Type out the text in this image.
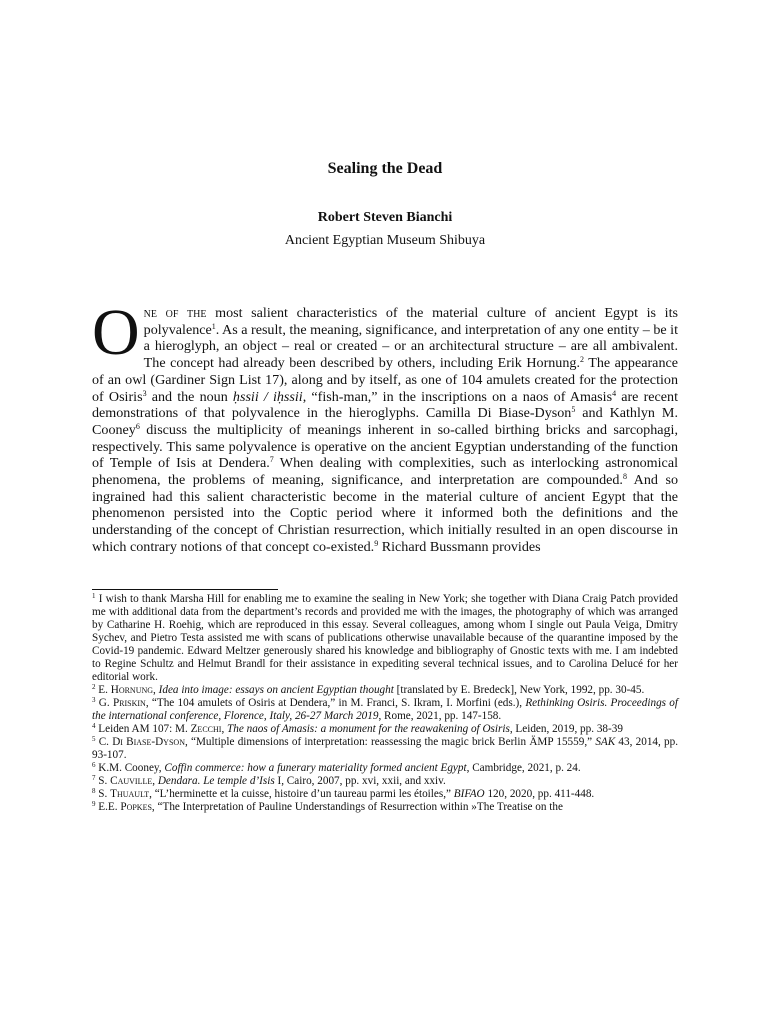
Sealing the Dead
Robert Steven Bianchi
Ancient Egyptian Museum Shibuya
One of the most salient characteristics of the material culture of ancient Egypt is its polyvalence$^1$. As a result, the meaning, significance, and interpretation of any one entity – be it a hieroglyph, an object – real or created – or an architectural structure – are all ambivalent. The concept had already been described by others, including Erik Hornung.$^2$ The appearance of an owl (Gardiner Sign List 17), along and by itself, as one of 104 amulets created for the protection of Osiris$^3$ and the noun ḥssii / iḥssii, “fish-man,” in the inscriptions on a naos of Amasis$^4$ are recent demonstrations of that polyvalence in the hieroglyphs. Camilla Di Biase-Dyson$^5$ and Kathlyn M. Cooney$^6$ discuss the multiplicity of meanings inherent in so-called birthing bricks and sarcophagi, respectively. This same polyvalence is operative on the ancient Egyptian understanding of the function of Temple of Isis at Dendera.$^7$ When dealing with complexities, such as interlocking astronomical phenomena, the problems of meaning, significance, and interpretation are compounded.$^8$ And so ingrained had this salient characteristic become in the material culture of ancient Egypt that the phenomenon persisted into the Coptic period where it informed both the definitions and the understanding of the concept of Christian resurrection, which initially resulted in an open discourse in which contrary notions of that concept co-existed.$^9$ Richard Bussmann provides

$^1$ I wish to thank Marsha Hill for enabling me to examine the sealing in New York; she together with Diana Craig Patch provided me with additional data from the department’s records and provided me with the images, the photography of which was arranged by Catharine H. Roehig, which are reproduced in this essay. Several colleagues, among whom I single out Paula Veiga, Dmitry Sychev, and Pietro Testa assisted me with scans of publications otherwise unavailable because of the quarantine imposed by the Covid-19 pandemic. Edward Meltzer generously shared his knowledge and bibliography of Gnostic texts with me. I am indebted to Regine Schultz and Helmut Brandl for their assistance in expediting several technical issues, and to Carolina Delucé for her editorial work.

$^2$ E. Hornung, Idea into image: essays on ancient Egyptian thought [translated by E. Bredeck], New York, 1992, pp. 30-45.

$^3$ G. Priskin, “The 104 amulets of Osiris at Dendera,” in M. Franci, S. Ikram, I. Morfini (eds.), Rethinking Osiris. Proceedings of the international conference, Florence, Italy, 26-27 March 2019, Rome, 2021, pp. 147-158.

$^4$ Leiden AM 107: M. Zecchi, The naos of Amasis: a monument for the reawakening of Osiris, Leiden, 2019, pp. 38-39

$^5$ C. Di Biase-Dyson, “Multiple dimensions of interpretation: reassessing the magic brick Berlin ÄMP 15559,” SAK 43, 2014, pp. 93-107.

$^6$ K.M. Cooney, Coffin commerce: how a funerary materiality formed ancient Egypt, Cambridge, 2021, p. 24.

$^7$ S. Cauville, Dendara. Le temple d’Isis I, Cairo, 2007, pp. xvi, xxii, and xxiv.

$^8$ S. Thuault, “L’herminette et la cuisse, histoire d’un taureau parmi les étoiles,” BIFAO 120, 2020, pp. 411-448.

$^9$ E.E. Popkes, “The Interpretation of Pauline Understandings of Resurrection within »The Treatise on the
